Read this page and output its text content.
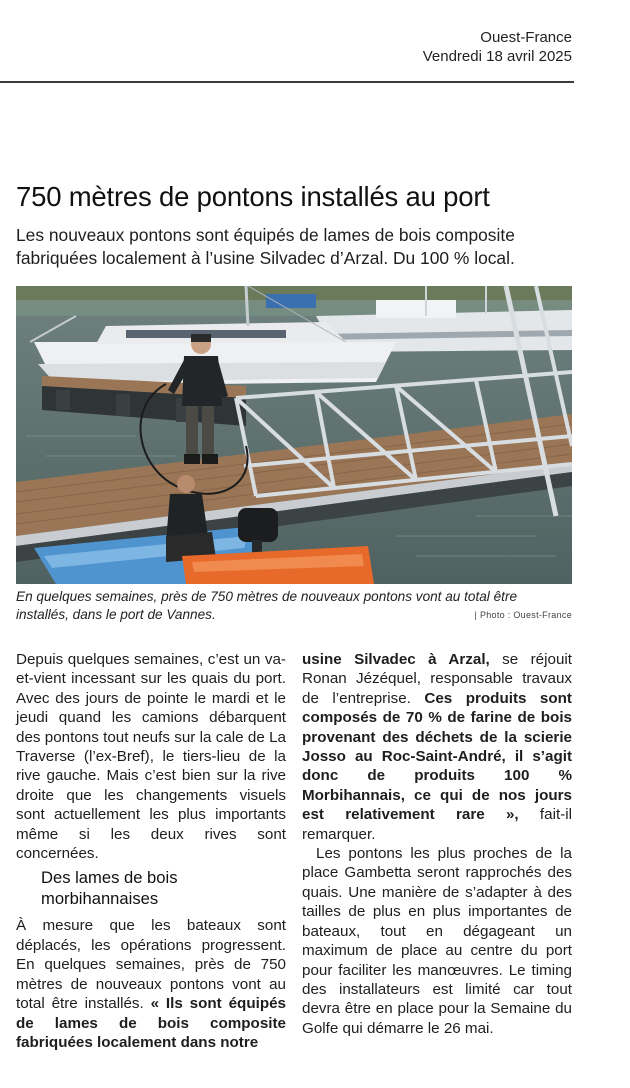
Ouest-France
Vendredi 18 avril 2025
750 mètres de pontons installés au port

Les nouveaux pontons sont équipés de lames de bois composite fabriquées localement à l’usine Silvadec d’Arzal. Du 100 % local.

En quelques semaines, près de 750 mètres de nouveaux pontons vont au total être installés, dans le port de Vannes.	| Photo : Ouest-France

Depuis quelques semaines, c’est un va-et-vient incessant sur les quais du port. Avec des jours de pointe le mardi et le jeudi quand les camions débarquent des pontons tout neufs sur la cale de La Traverse (l’ex-Bref), le tiers-lieu de la rive gauche. Mais c’est bien sur la rive droite que les changements visuels sont actuellement les plus importants même si les deux rives sont concernées.

Des lames de bois morbihannaises

À mesure que les bateaux sont déplacés, les opérations progressent. En quelques semaines, près de 750 mètres de nouveaux pontons vont au total être installés. « Ils sont équipés de lames de bois composite fabriquées localement dans notre

usine Silvadec à Arzal, se réjouit Ronan Jézéquel, responsable travaux de l’entreprise. Ces produits sont composés de 70 % de farine de bois provenant des déchets de la scierie Josso au Roc-Saint-André, il s’agit donc de produits 100 % Morbihannais, ce qui de nos jours est relativement rare », fait-il remarquer.

Les pontons les plus proches de la place Gambetta seront rapprochés des quais. Une manière de s’adapter à des tailles de plus en plus importantes de bateaux, tout en dégageant un maximum de place au centre du port pour faciliter les manœuvres. Le timing des installateurs est limité car tout devra être en place pour la Semaine du Golfe qui démarre le 26 mai.
